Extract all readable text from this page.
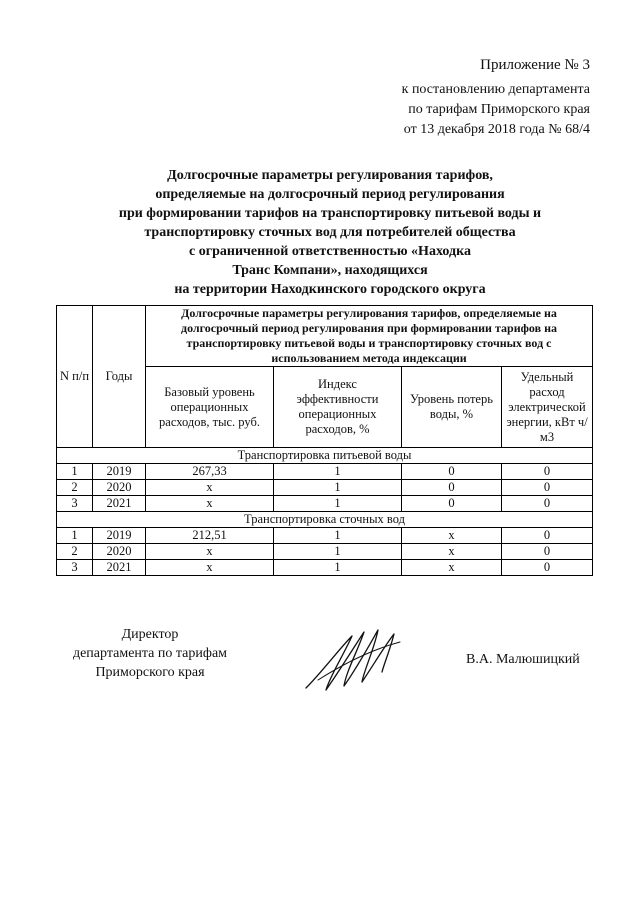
Приложение № 3
к постановлению департамента
по тарифам Приморского края
от 13 декабря 2018 года № 68/4
Долгосрочные параметры регулирования тарифов,
определяемые на долгосрочный период регулирования
при формировании тарифов на транспортировку питьевой воды и
транспортировку сточных вод для потребителей общества
с ограниченной ответственностью «Находка
Транс Компани», находящихся
на территории Находкинского городского округа
N п/п	Годы	Долгосрочные параметры регулирования тарифов, определяемые на долгосрочный период регулирования при формировании тарифов на транспортировку питьевой воды и транспортировку сточных вод с использованием метода индексации			
		Базовый уровень операционных расходов, тыс. руб.	Индекс эффективности операционных расходов, %	Уровень потерь воды, %	Удельный расход электрической энергии, кВт ч/м3
Транспортировка питьевой воды					
1	2019	267,33	1	0	0
2	2020	х	1	0	0
3	2021	х	1	0	0
Транспортировка сточных вод					
1	2019	212,51	1	х	0
2	2020	х	1	х	0
3	2021	х	1	х	0
Директор
департамента по тарифам
Приморского края
В.А. Малюшицкий
